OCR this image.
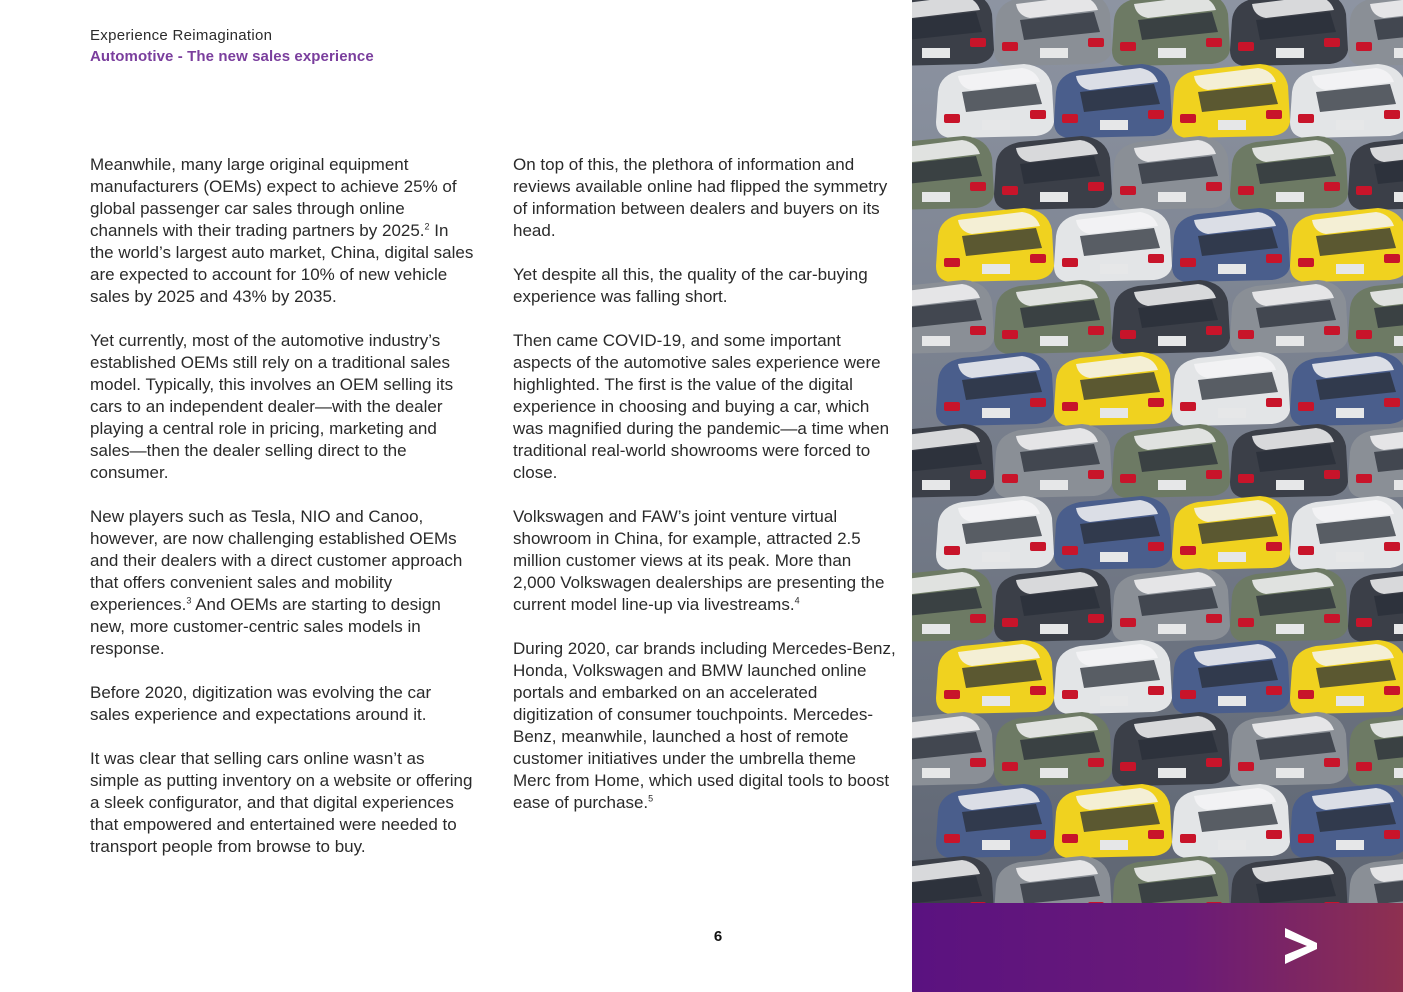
Experience Reimagination
Automotive - The new sales experience

Meanwhile, many large original equipment manufacturers (OEMs) expect to achieve 25% of global passenger car sales through online channels with their trading partners by 2025.$^2$ In the world’s largest auto market, China, digital sales are expected to account for 10% of new vehicle sales by 2025 and 43% by 2035.

Yet currently, most of the automotive industry’s established OEMs still rely on a traditional sales model. Typically, this involves an OEM selling its cars to an independent dealer—with the dealer playing a central role in pricing, marketing and sales—then the dealer selling direct to the consumer.

New players such as Tesla, NIO and Canoo, however, are now challenging established OEMs and their dealers with a direct customer approach that offers convenient sales and mobility experiences.$^3$ And OEMs are starting to design new, more customer-centric sales models in response.

Before 2020, digitization was evolving the car sales experience and expectations around it.

It was clear that selling cars online wasn’t as simple as putting inventory on a website or offering a sleek configurator, and that digital experiences that empowered and entertained were needed to transport people from browse to buy.

On top of this, the plethora of information and reviews available online had flipped the symmetry of information between dealers and buyers on its head.

Yet despite all this, the quality of the car-buying experience was falling short.

Then came COVID-19, and some important aspects of the automotive sales experience were highlighted. The first is the value of the digital experience in choosing and buying a car, which was magnified during the pandemic—a time when traditional real-world showrooms were forced to close.

Volkswagen and FAW’s joint venture virtual showroom in China, for example, attracted 2.5 million customer views at its peak. More than 2,000 Volkswagen dealerships are presenting the current model line-up via livestreams.$^4$

During 2020, car brands including Mercedes-Benz, Honda, Volkswagen and BMW launched online portals and embarked on an accelerated digitization of consumer touchpoints. Mercedes-Benz, meanwhile, launched a host of remote customer initiatives under the umbrella theme Merc from Home, which used digital tools to boost ease of purchase.$^5$

6
